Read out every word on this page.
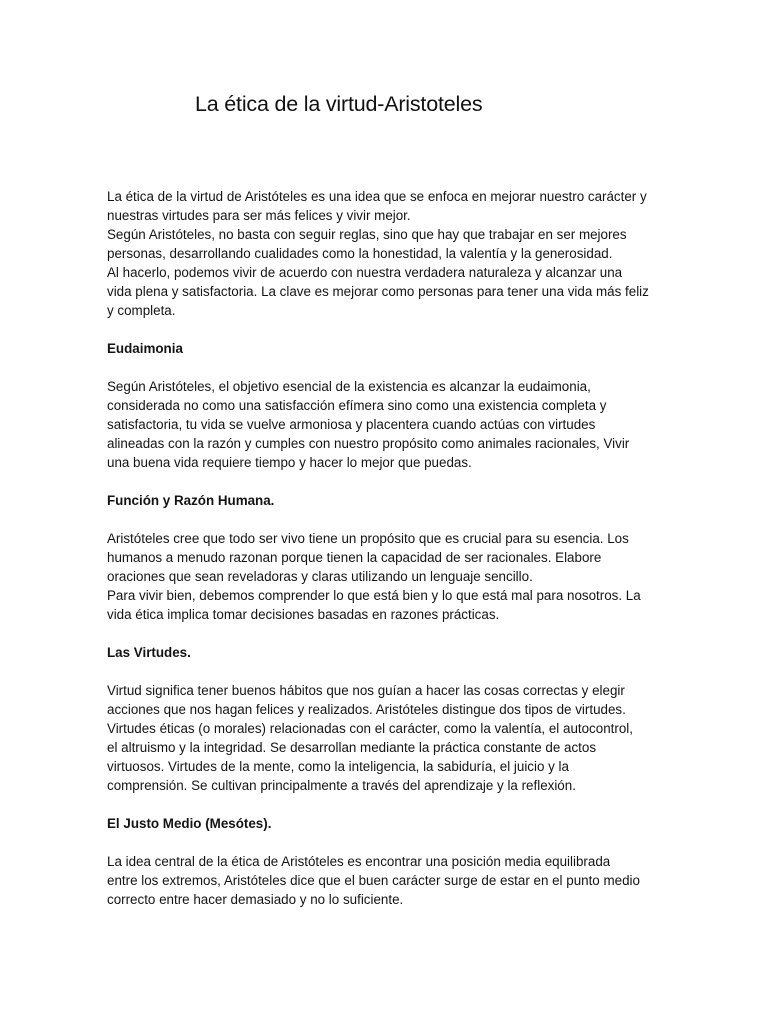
La ética de la virtud-Aristoteles

La ética de la virtud de Aristóteles es una idea que se enfoca en mejorar nuestro carácter y
nuestras virtudes para ser más felices y vivir mejor.
Según Aristóteles, no basta con seguir reglas, sino que hay que trabajar en ser mejores
personas, desarrollando cualidades como la honestidad, la valentía y la generosidad.
Al hacerlo, podemos vivir de acuerdo con nuestra verdadera naturaleza y alcanzar una
vida plena y satisfactoria. La clave es mejorar como personas para tener una vida más feliz
y completa.

Eudaimonia

Según Aristóteles, el objetivo esencial de la existencia es alcanzar la eudaimonia,
considerada no como una satisfacción efímera sino como una existencia completa y
satisfactoria, tu vida se vuelve armoniosa y placentera cuando actúas con virtudes
alineadas con la razón y cumples con nuestro propósito como animales racionales, Vivir
una buena vida requiere tiempo y hacer lo mejor que puedas.

Función y Razón Humana.

Aristóteles cree que todo ser vivo tiene un propósito que es crucial para su esencia. Los
humanos a menudo razonan porque tienen la capacidad de ser racionales. Elabore
oraciones que sean reveladoras y claras utilizando un lenguaje sencillo.
Para vivir bien, debemos comprender lo que está bien y lo que está mal para nosotros. La
vida ética implica tomar decisiones basadas en razones prácticas.

Las Virtudes.

Virtud significa tener buenos hábitos que nos guían a hacer las cosas correctas y elegir
acciones que nos hagan felices y realizados. Aristóteles distingue dos tipos de virtudes.
Virtudes éticas (o morales) relacionadas con el carácter, como la valentía, el autocontrol,
el altruismo y la integridad. Se desarrollan mediante la práctica constante de actos
virtuosos. Virtudes de la mente, como la inteligencia, la sabiduría, el juicio y la
comprensión. Se cultivan principalmente a través del aprendizaje y la reflexión.

El Justo Medio (Mesótes).

La idea central de la ética de Aristóteles es encontrar una posición media equilibrada
entre los extremos, Aristóteles dice que el buen carácter surge de estar en el punto medio
correcto entre hacer demasiado y no lo suficiente.
